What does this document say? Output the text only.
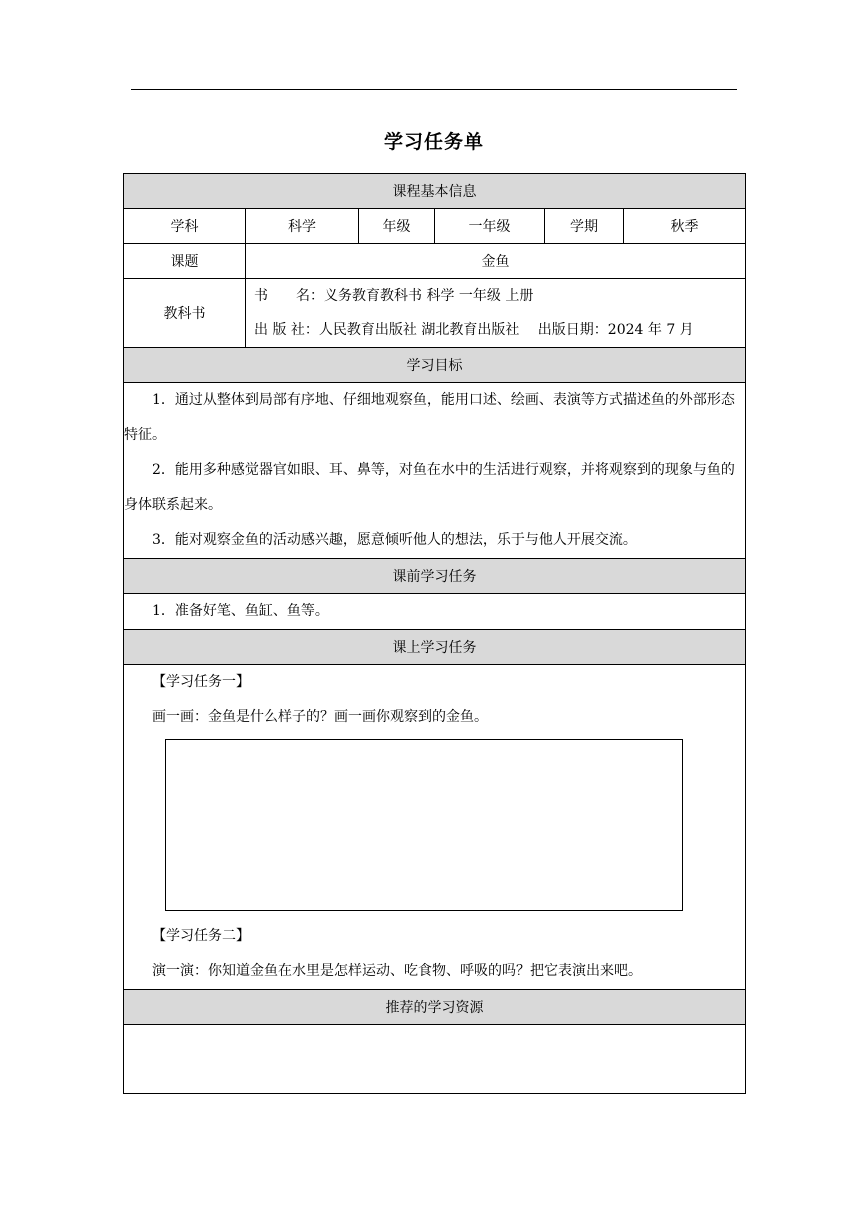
学习任务单
课程基本信息					
学科	科学	年级	一年级	学期	秋季
课题	金鱼				
教科书	书　　名：义务教育教科书 科学 一年级 上册
出 版 社：人民教育出版社 湖北教育出版社　 出版日期：2024 年 7 月				

学习目标					

1．通过从整体到局部有序地、仔细地观察鱼，能用口述、绘画、表演等方式描述鱼的外部形态特征。

2．能用多种感觉器官如眼、耳、鼻等，对鱼在水中的生活进行观察，并将观察到的现象与鱼的身体联系起来。

3．能对观察金鱼的活动感兴趣，愿意倾听他人的想法，乐于与他人开展交流。					

课前学习任务					

1．准备好笔、鱼缸、鱼等。					

课上学习任务					

【学习任务一】

画一画：金鱼是什么样子的？画一画你观察到的金鱼。

【学习任务二】

演一演：你知道金鱼在水里是怎样运动、吃食物、呼吸的吗？把它表演出来吧。					

推荐的学习资源					
